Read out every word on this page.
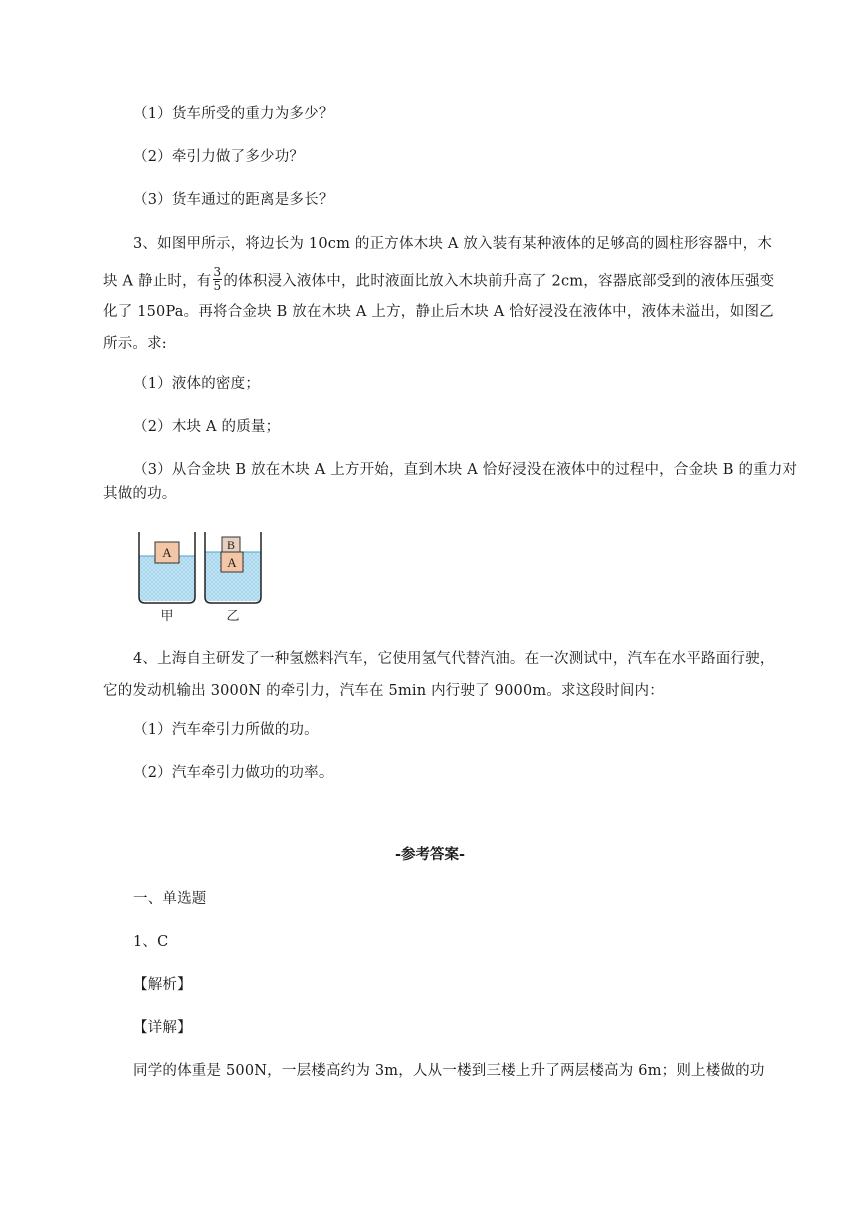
（1）货车所受的重力为多少？
（2）牵引力做了多少功？
（3）货车通过的距离是多长？
3、如图甲所示，将边长为 10cm 的正方体木块 A 放入装有某种液体的足够高的圆柱形容器中，木
块 A 静止时，有 $\frac{3}{5}$ 的体积浸入液体中，此时液面比放入木块前升高了 2cm，容器底部受到的液体压强变
化了 150Pa。再将合金块 B 放在木块 A 上方，静止后木块 A 恰好浸没在液体中，液体未溢出，如图乙
所示。求:
（1）液体的密度；
（2）木块 A 的质量；
（3）从合金块 B 放在木块 A 上方开始，直到木块 A 恰好浸没在液体中的过程中，合金块 B 的重力对
其做的功。
A
A
B
甲	乙
4、上海自主研发了一种氢燃料汽车，它使用氢气代替汽油。在一次测试中，汽车在水平路面行驶，
它的发动机输出 3000N 的牵引力，汽车在 5min 内行驶了 9000m。求这段时间内：
（1）汽车牵引力所做的功。
（2）汽车牵引力做功的功率。
-参考答案-
一、单选题
1、C
【解析】
【详解】
同学的体重是 500N，一层楼高约为 3m，人从一楼到三楼上升了两层楼高为 6m；则上楼做的功
